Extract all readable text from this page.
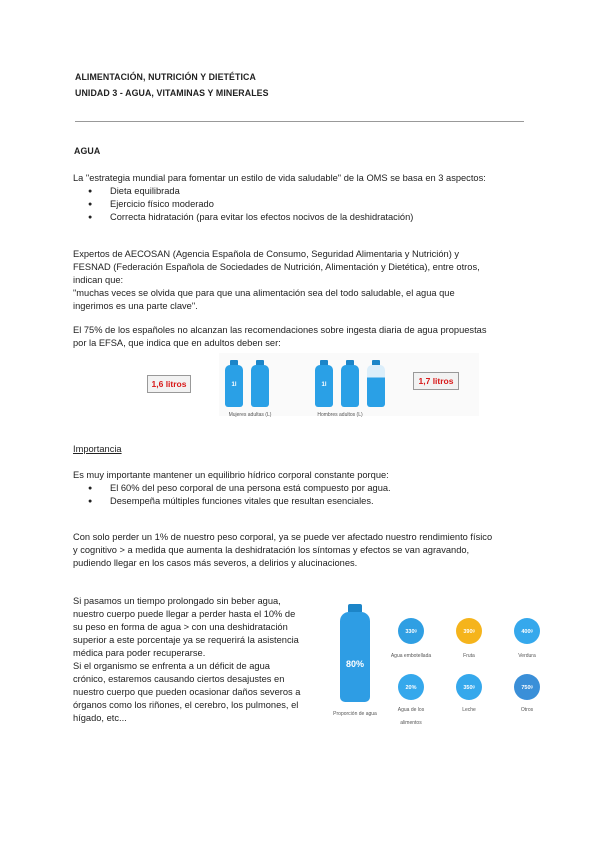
ALIMENTACIÓN, NUTRICIÓN Y DIETÉTICA
UNIDAD 3 - AGUA, VITAMINAS Y MINERALES
AGUA
La "estrategia mundial para fomentar un estilo de vida saludable" de la OMS se basa en 3 aspectos:
● Dieta equilibrada
● Ejercicio físico moderado
● Correcta hidratación (para evitar los efectos nocivos de la deshidratación)
Expertos de AECOSAN (Agencia Española de Consumo, Seguridad Alimentaria y Nutrición) y
FESNAD (Federación Española de Sociedades de Nutrición, Alimentación y Dietética), entre otros,
indican que:
"muchas veces se olvida que para que una alimentación sea del todo saludable, el agua que
ingerimos es una parte clave".
El 75% de los españoles no alcanzan las recomendaciones sobre ingesta diaria de agua propuestas
por la EFSA, que indica que en adultos deben ser:
1,6 litros	1l
Mujeres adultas (L)
1l
Hombres adultos (L)
1,7 litros
Importancia
Es muy importante mantener un equilibrio hídrico corporal constante porque:
● El 60% del peso corporal de una persona está compuesto por agua.
● Desempeña múltiples funciones vitales que resultan esenciales.
Con solo perder un 1% de nuestro peso corporal, ya se puede ver afectado nuestro rendimiento físico
y cognitivo > a medida que aumenta la deshidratación los síntomas y efectos se van agravando,
pudiendo llegar en los casos más severos, a delirios y alucinaciones.
Si pasamos un tiempo prolongado sin beber agua,
nuestro cuerpo puede llegar a perder hasta el 10% de
su peso en forma de agua > con una deshidratación
superior a este porcentaje ya se requerirá la asistencia
médica para poder recuperarse.
Si el organismo se enfrenta a un déficit de agua
crónico, estaremos causando ciertos desajustes en
nuestro cuerpo que pueden ocasionar daños severos a
órganos como los riñones, el cerebro, los pulmones, el
hígado, etc...
80%
Proporción de agua
330ᵍ
Agua embotellada
390ᵍ
Fruta
400ᵍ
Verdura
20%
Agua de los alimentos
350ᵍ
Leche
750ᵍ
Otros
